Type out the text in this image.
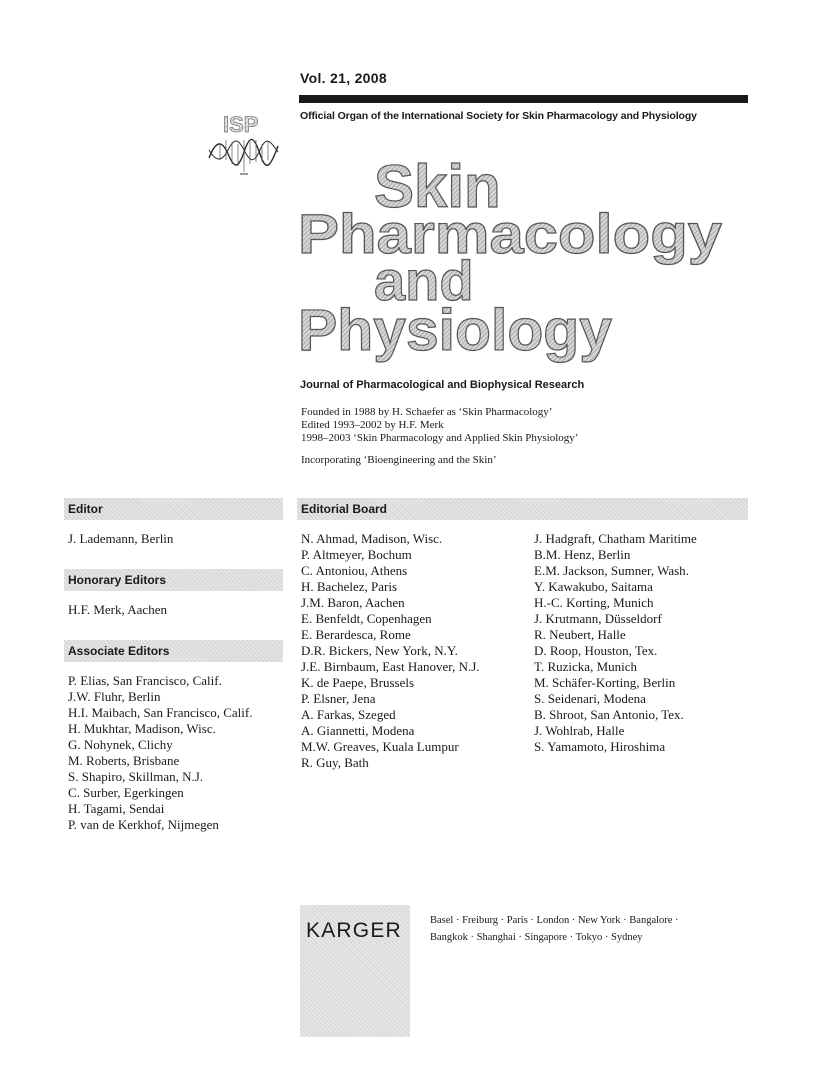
Vol. 21, 2008
Official Organ of the International Society for Skin Pharmacology and Physiology
ISP
Skin
Pharmacology
and
Physiology
Journal of Pharmacological and Biophysical Research
Founded in 1988 by H. Schaefer as ‘Skin Pharmacology’
Edited 1993–2002 by H.F. Merk
1998–2003 ‘Skin Pharmacology and Applied Skin Physiology’
Incorporating ‘Bioengineering and the Skin’
Editor
J. Lademann, Berlin
Honorary Editors
H.F. Merk, Aachen
Associate Editors
P. Elias, San Francisco, Calif.
J.W. Fluhr, Berlin
H.I. Maibach, San Francisco, Calif.
H. Mukhtar, Madison, Wisc.
G. Nohynek, Clichy
M. Roberts, Brisbane
S. Shapiro, Skillman, N.J.
C. Surber, Egerkingen
H. Tagami, Sendai
P. van de Kerkhof, Nijmegen
Editorial Board
N. Ahmad, Madison, Wisc.
P. Altmeyer, Bochum
C. Antoniou, Athens
H. Bachelez, Paris
J.M. Baron, Aachen
E. Benfeldt, Copenhagen
E. Berardesca, Rome
D.R. Bickers, New York, N.Y.
J.E. Birnbaum, East Hanover, N.J.
K. de Paepe, Brussels
P. Elsner, Jena
A. Farkas, Szeged
A. Giannetti, Modena
M.W. Greaves, Kuala Lumpur
R. Guy, Bath
J. Hadgraft, Chatham Maritime
B.M. Henz, Berlin
E.M. Jackson, Sumner, Wash.
Y. Kawakubo, Saitama
H.-C. Korting, Munich
J. Krutmann, Düsseldorf
R. Neubert, Halle
D. Roop, Houston, Tex.
T. Ruzicka, Munich
M. Schäfer-Korting, Berlin
S. Seidenari, Modena
B. Shroot, San Antonio, Tex.
J. Wohlrab, Halle
S. Yamamoto, Hiroshima
KARGER	Basel · Freiburg · Paris · London · New York · Bangalore ·
Bangkok · Shanghai · Singapore · Tokyo · Sydney
